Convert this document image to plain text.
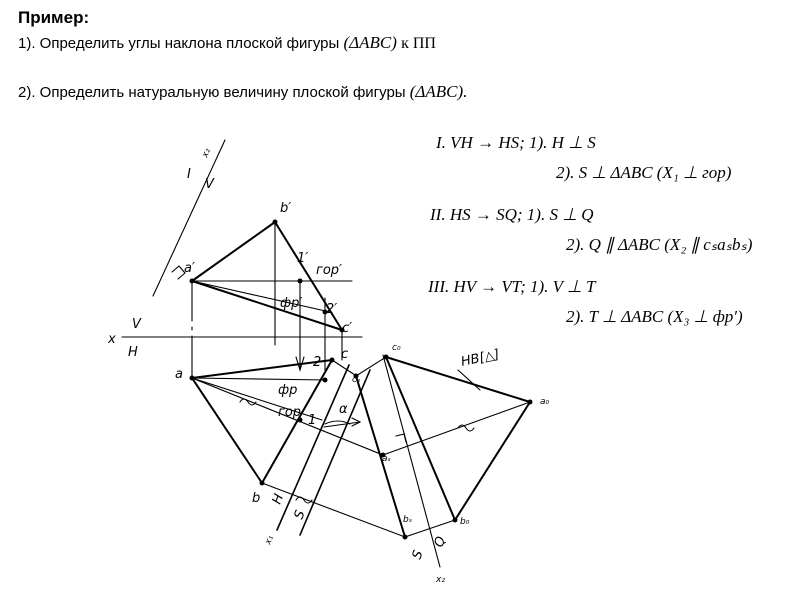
Пример:
1). Определить углы наклона плоской фигуры (ΔABC) к ПП
2). Определить натуральную величину плоской фигуры (ΔABC).
b′
a′
c′
1′
2′
гор′
фр′
x
V
H
a
b
c
фр
гор
1
2
α
cₛ
aₛ
bₛ
c₀
a₀
b₀
НВ[△]
V
x₂
I
x₁
H
S
S
Q
x₂
I. VH → HS; 1). H ⊥ S
2). S ⊥ ΔABC (X₁ ⊥ гор)
II. HS → SQ; 1). S ⊥ Q
2). Q ∥ ΔABC (X₂ ∥ cₛaₛbₛ)
III. HV → VT; 1). V ⊥ T
2). T ⊥ ΔABC (X₃ ⊥ фр′)
